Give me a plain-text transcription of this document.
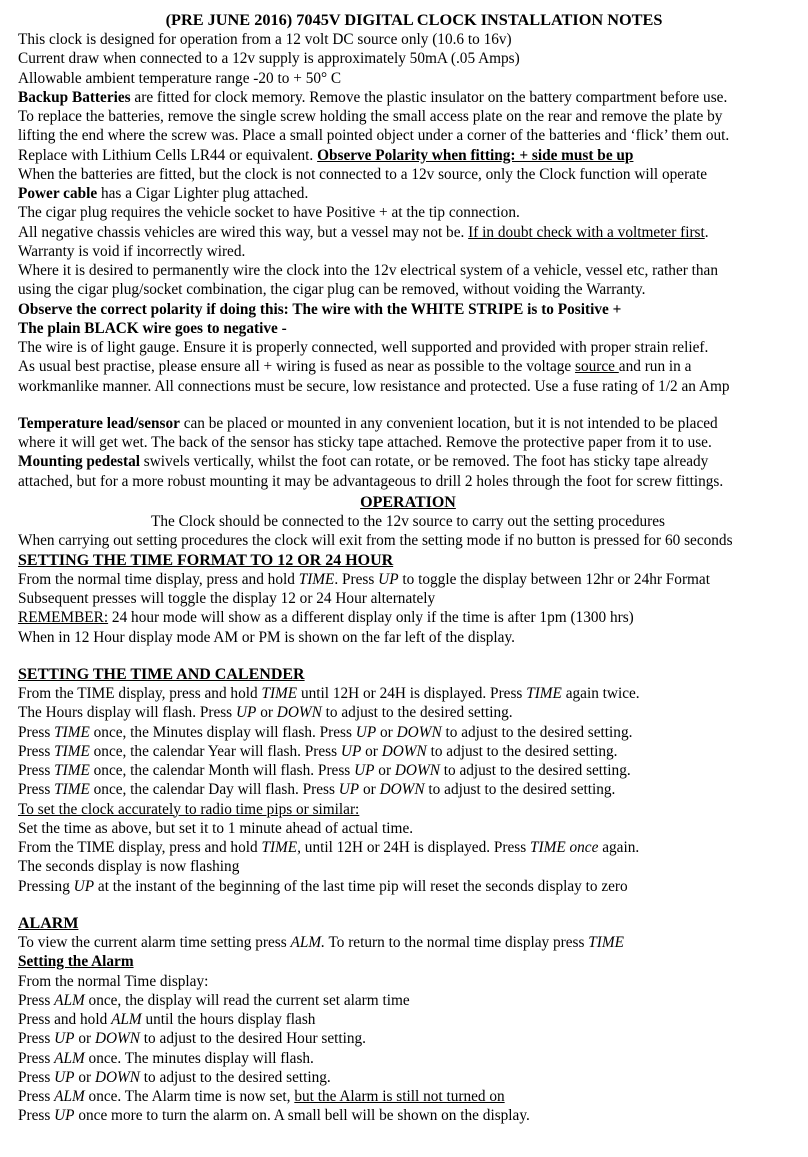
(PRE JUNE 2016) 7045V DIGITAL CLOCK INSTALLATION NOTES
This clock is designed for operation from a 12 volt DC source only (10.6 to 16v)
Current draw when connected to a 12v supply is approximately 50mA (.05 Amps)
Allowable ambient temperature range -20 to + 50° C
Backup Batteries are fitted for clock memory. Remove the plastic insulator on the battery compartment before use.
To replace the batteries, remove the single screw holding the small access plate on the rear and remove the plate by
lifting the end where the screw was. Place a small pointed object under a corner of the batteries and ‘flick’ them out.
Replace with Lithium Cells LR44 or equivalent. Observe Polarity when fitting: + side must be up
When the batteries are fitted, but the clock is not connected to a 12v source, only the Clock function will operate
Power cable has a Cigar Lighter plug attached.
The cigar plug requires the vehicle socket to have Positive + at the tip connection.
All negative chassis vehicles are wired this way, but a vessel may not be. If in doubt check with a voltmeter first.
Warranty is void if incorrectly wired.
Where it is desired to permanently wire the clock into the 12v electrical system of a vehicle, vessel etc, rather than
using the cigar plug/socket combination, the cigar plug can be removed, without voiding the Warranty.
Observe the correct polarity if doing this: The wire with the WHITE STRIPE is to Positive +
The plain BLACK wire goes to negative -
The wire is of light gauge. Ensure it is properly connected, well supported and provided with proper strain relief.
As usual best practise, please ensure all + wiring is fused as near as possible to the voltage source and run in a
workmanlike manner. All connections must be secure, low resistance and protected. Use a fuse rating of 1/2 an Amp
Temperature lead/sensor can be placed or mounted in any convenient location, but it is not intended to be placed
where it will get wet. The back of the sensor has sticky tape attached. Remove the protective paper from it to use.
Mounting pedestal swivels vertically, whilst the foot can rotate, or be removed. The foot has sticky tape already
attached, but for a more robust mounting it may be advantageous to drill 2 holes through the foot for screw fittings.
OPERATION
The Clock should be connected to the 12v source to carry out the setting procedures
When carrying out setting procedures the clock will exit from the setting mode if no button is pressed for 60 seconds
SETTING THE TIME FORMAT TO 12 OR 24 HOUR
From the normal time display, press and hold TIME. Press UP to toggle the display between 12hr or 24hr Format
Subsequent presses will toggle the display 12 or 24 Hour alternately
REMEMBER: 24 hour mode will show as a different display only if the time is after 1pm (1300 hrs)
When in 12 Hour display mode AM or PM is shown on the far left of the display.
SETTING THE TIME AND CALENDER
From the TIME display, press and hold TIME until 12H or 24H is displayed. Press TIME again twice.
The Hours display will flash. Press UP or DOWN to adjust to the desired setting.
Press TIME once, the Minutes display will flash. Press UP or DOWN to adjust to the desired setting.
Press TIME once, the calendar Year will flash. Press UP or DOWN to adjust to the desired setting.
Press TIME once, the calendar Month will flash. Press UP or DOWN to adjust to the desired setting.
Press TIME once, the calendar Day will flash. Press UP or DOWN to adjust to the desired setting.
To set the clock accurately to radio time pips or similar:
Set the time as above, but set it to 1 minute ahead of actual time.
From the TIME display, press and hold TIME, until 12H or 24H is displayed. Press TIME once again.
The seconds display is now flashing
Pressing UP at the instant of the beginning of the last time pip will reset the seconds display to zero
ALARM
To view the current alarm time setting press ALM. To return to the normal time display press TIME
Setting the Alarm
From the normal Time display:
Press ALM once, the display will read the current set alarm time
Press and hold ALM until the hours display flash
Press UP or DOWN to adjust to the desired Hour setting.
Press ALM once. The minutes display will flash.
Press UP or DOWN to adjust to the desired setting.
Press ALM once. The Alarm time is now set, but the Alarm is still not turned on
Press UP once more to turn the alarm on. A small bell will be shown on the display.
